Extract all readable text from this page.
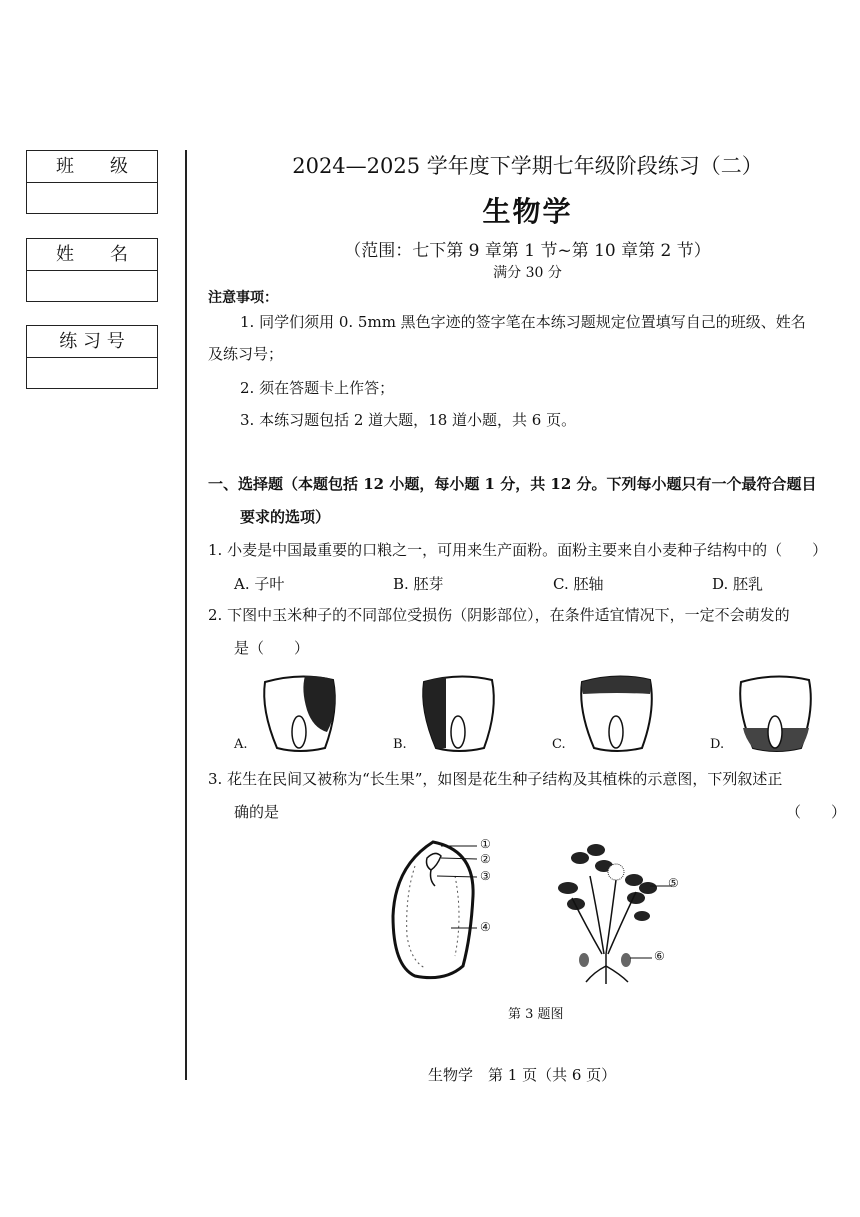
班　　级
姓　　名
练 习 号
2024—2025 学年度下学期七年级阶段练习（二）
生物学
（范围：七下第 9 章第 1 节~第 10 章第 2 节）
满分 30 分
注意事项：
1. 同学们须用 0. 5mm 黑色字迹的签字笔在本练习题规定位置填写自己的班级、姓名
及练习号；
2. 须在答题卡上作答；
3. 本练习题包括 2 道大题，18 道小题，共 6 页。
一、选择题（本题包括 12 小题，每小题 1 分，共 12 分。下列每小题只有一个最符合题目
要求的选项）
1. 小麦是中国最重要的口粮之一，可用来生产面粉。面粉主要来自小麦种子结构中的（　　）
A. 子叶	B. 胚芽	C. 胚轴	D. 胚乳
2. 下图中玉米种子的不同部位受损伤（阴影部位），在条件适宜情况下，一定不会萌发的
是（　　）
A.	B.	C.	D.
3. 花生在民间又被称为“长生果”，如图是花生种子结构及其植株的示意图，下列叙述正
确的是	（　　）
①
②
③
④
⑤
⑥
第 3 题图
生物学　第 1 页（共 6 页）
